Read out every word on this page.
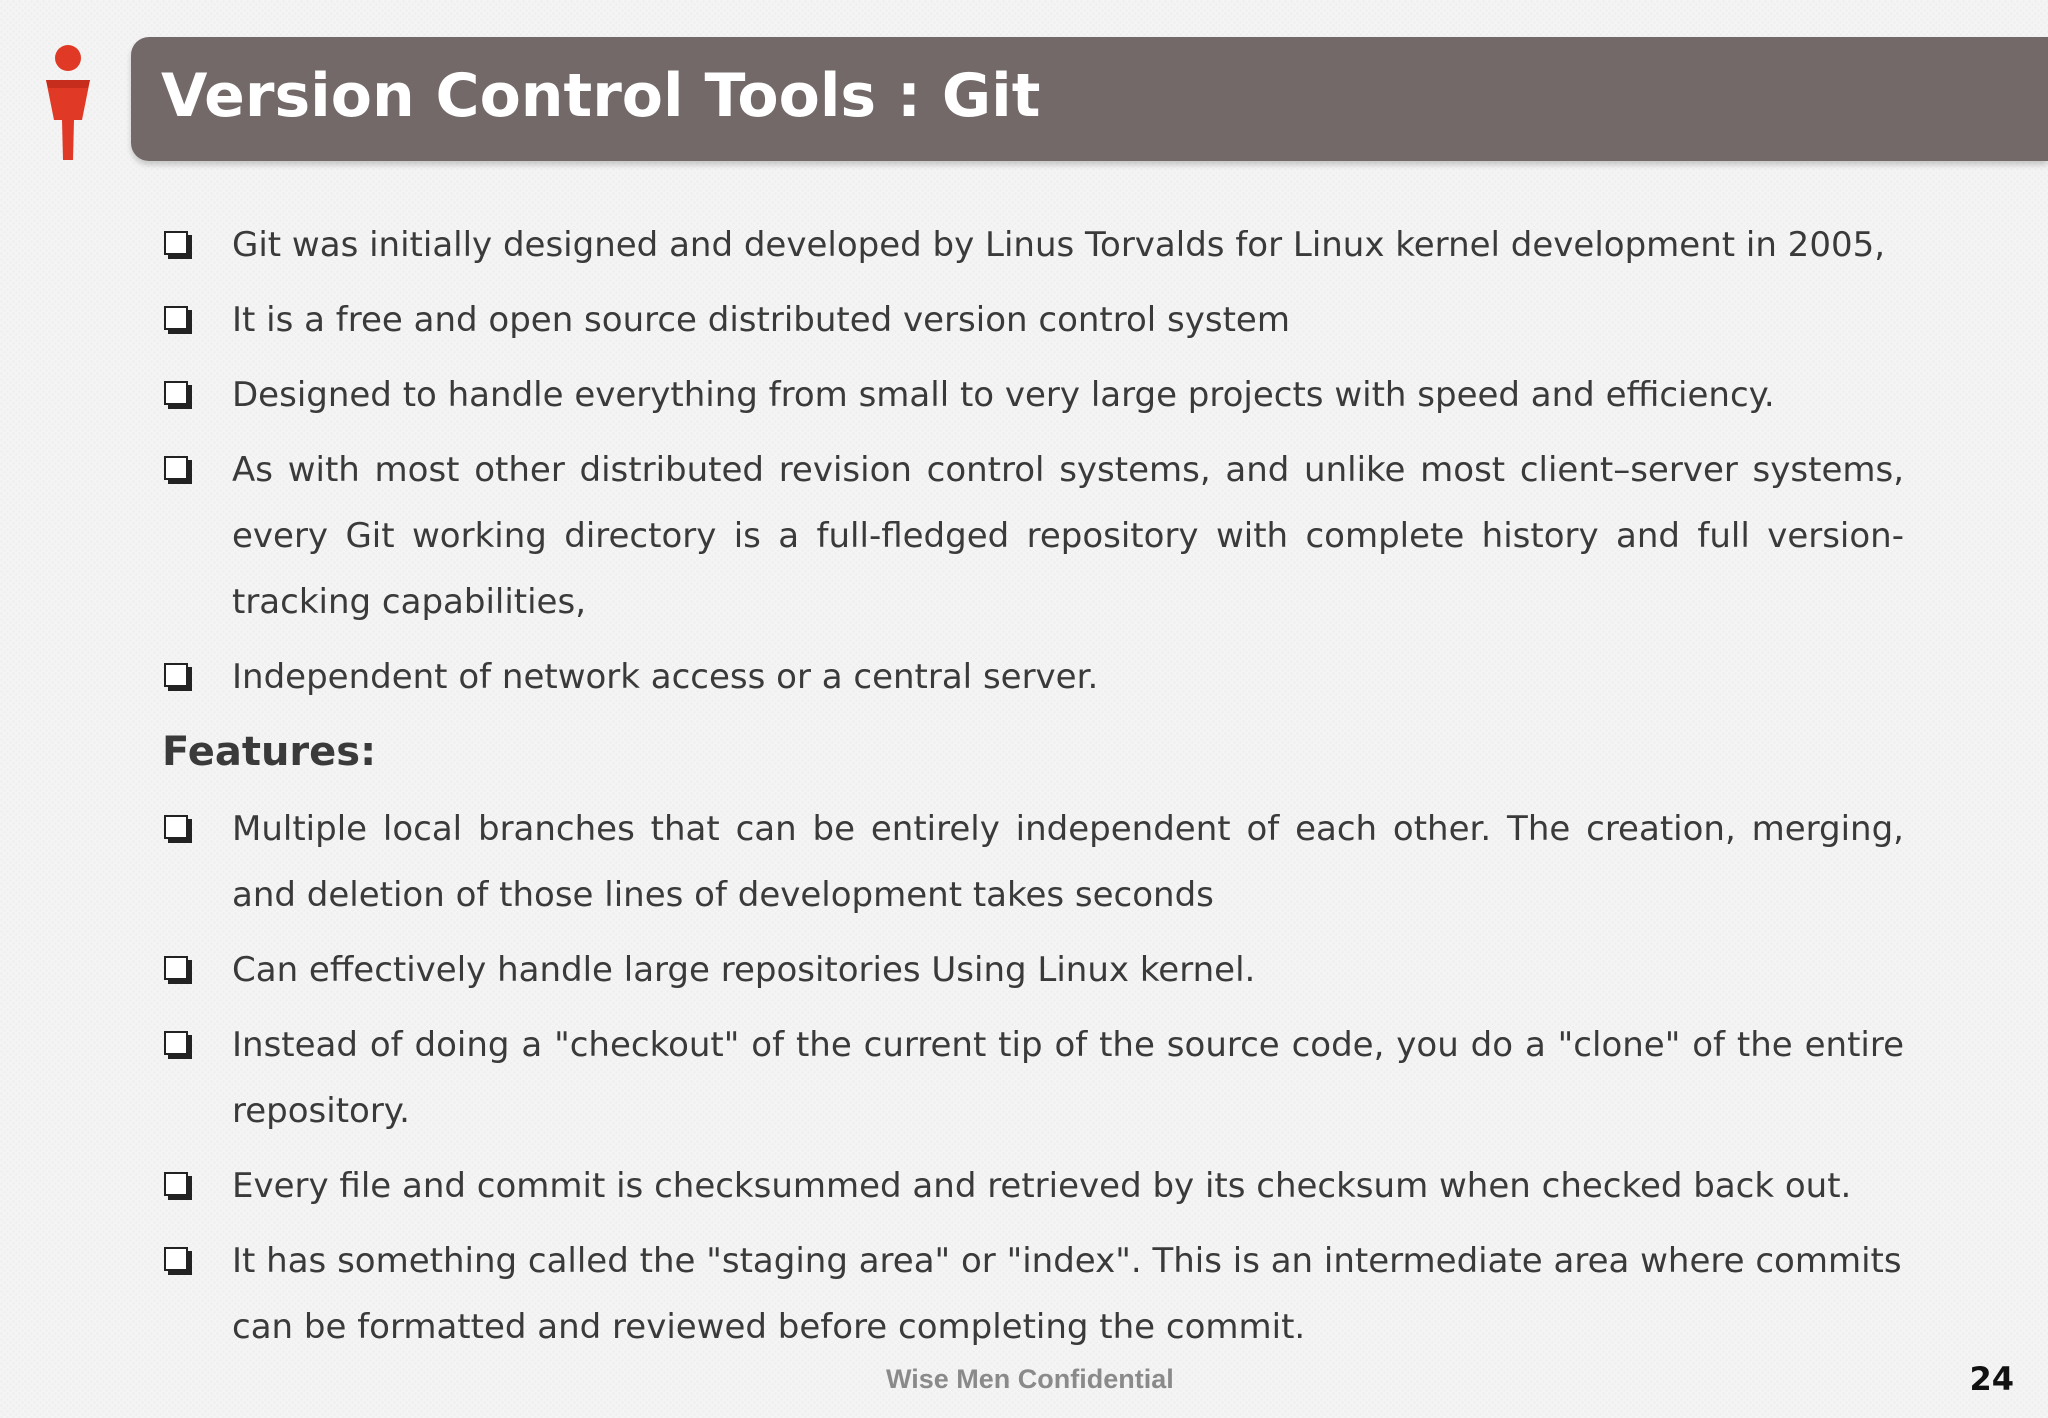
Version Control Tools : Git
Git was initially designed and developed by Linus Torvalds for Linux kernel development in 2005,
It is a free and open source distributed version control system
Designed to handle everything from small to very large projects with speed and efficiency.
As with most other distributed revision control systems, and unlike most client–server systems, every Git working directory is a full-fledged repository with complete history and full version-tracking capabilities,
Independent of network access or a central server.
Features:
Multiple local branches that can be entirely independent of each other. The creation, merging, and deletion of those lines of development takes seconds
Can effectively handle large repositories Using Linux kernel.
Instead of doing a "checkout" of the current tip of the source code, you do a "clone" of the entire repository.
Every file and commit is checksummed and retrieved by its checksum when checked back out.
It has something called the "staging area" or "index". This is an intermediate area where commits can be formatted and reviewed before completing the commit.
Wise Men Confidential	24
